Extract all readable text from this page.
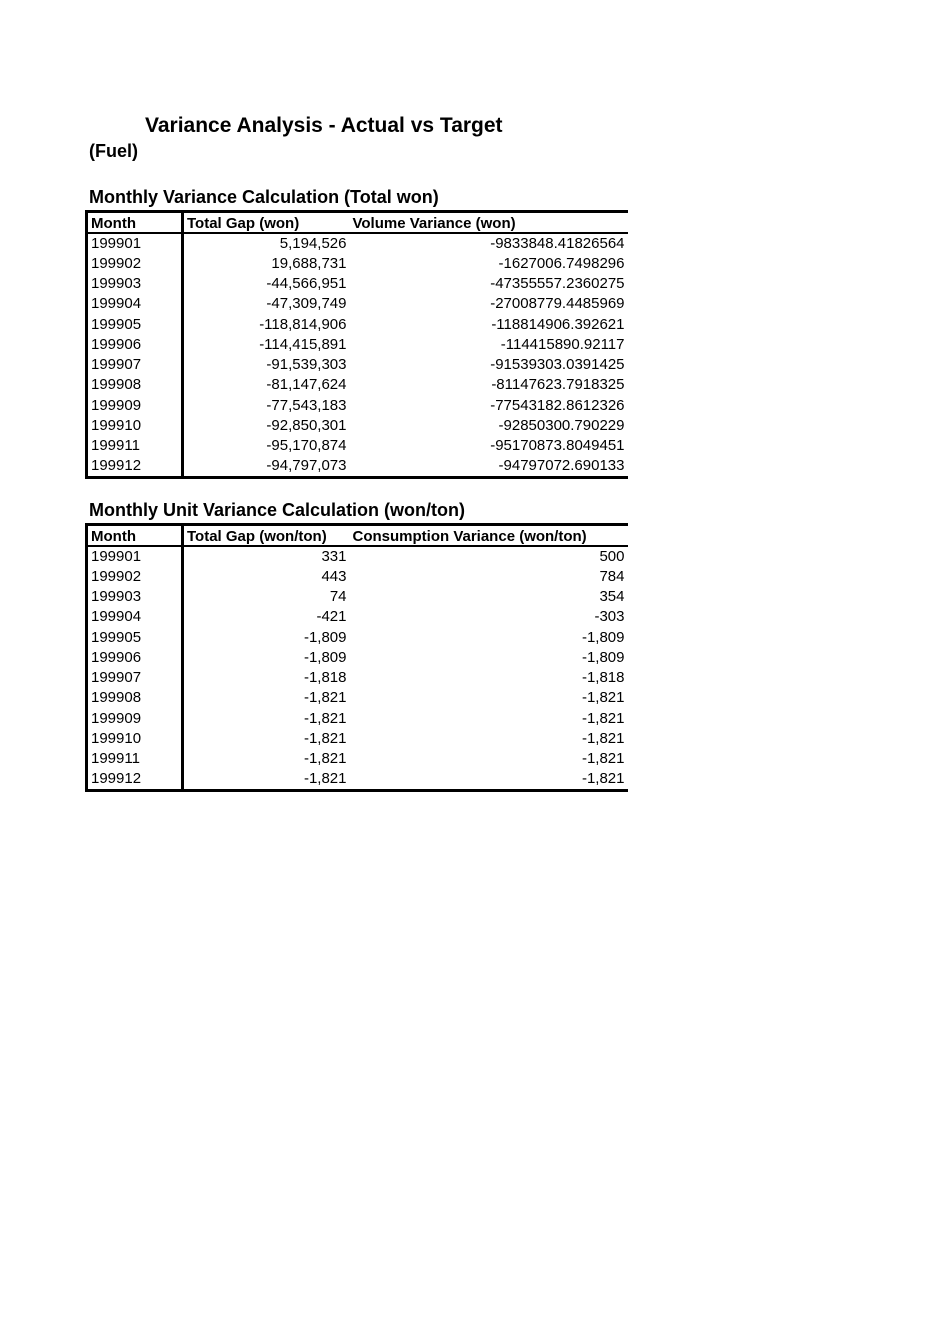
Variance Analysis - Actual vs Target
(Fuel)
Monthly Variance Calculation (Total won)
Month	Total Gap (won)	Volume Variance (won)
199901	5,194,526	-9833848.41826564
199902	19,688,731	-1627006.7498296
199903	-44,566,951	-47355557.2360275
199904	-47,309,749	-27008779.4485969
199905	-118,814,906	-118814906.392621
199906	-114,415,891	-114415890.92117
199907	-91,539,303	-91539303.0391425
199908	-81,147,624	-81147623.7918325
199909	-77,543,183	-77543182.8612326
199910	-92,850,301	-92850300.790229
199911	-95,170,874	-95170873.8049451
199912	-94,797,073	-94797072.690133
Monthly Unit Variance Calculation (won/ton)
Month	Total Gap (won/ton)	Consumption Variance (won/ton)
199901	331	500
199902	443	784
199903	74	354
199904	-421	-303
199905	-1,809	-1,809
199906	-1,809	-1,809
199907	-1,818	-1,818
199908	-1,821	-1,821
199909	-1,821	-1,821
199910	-1,821	-1,821
199911	-1,821	-1,821
199912	-1,821	-1,821
